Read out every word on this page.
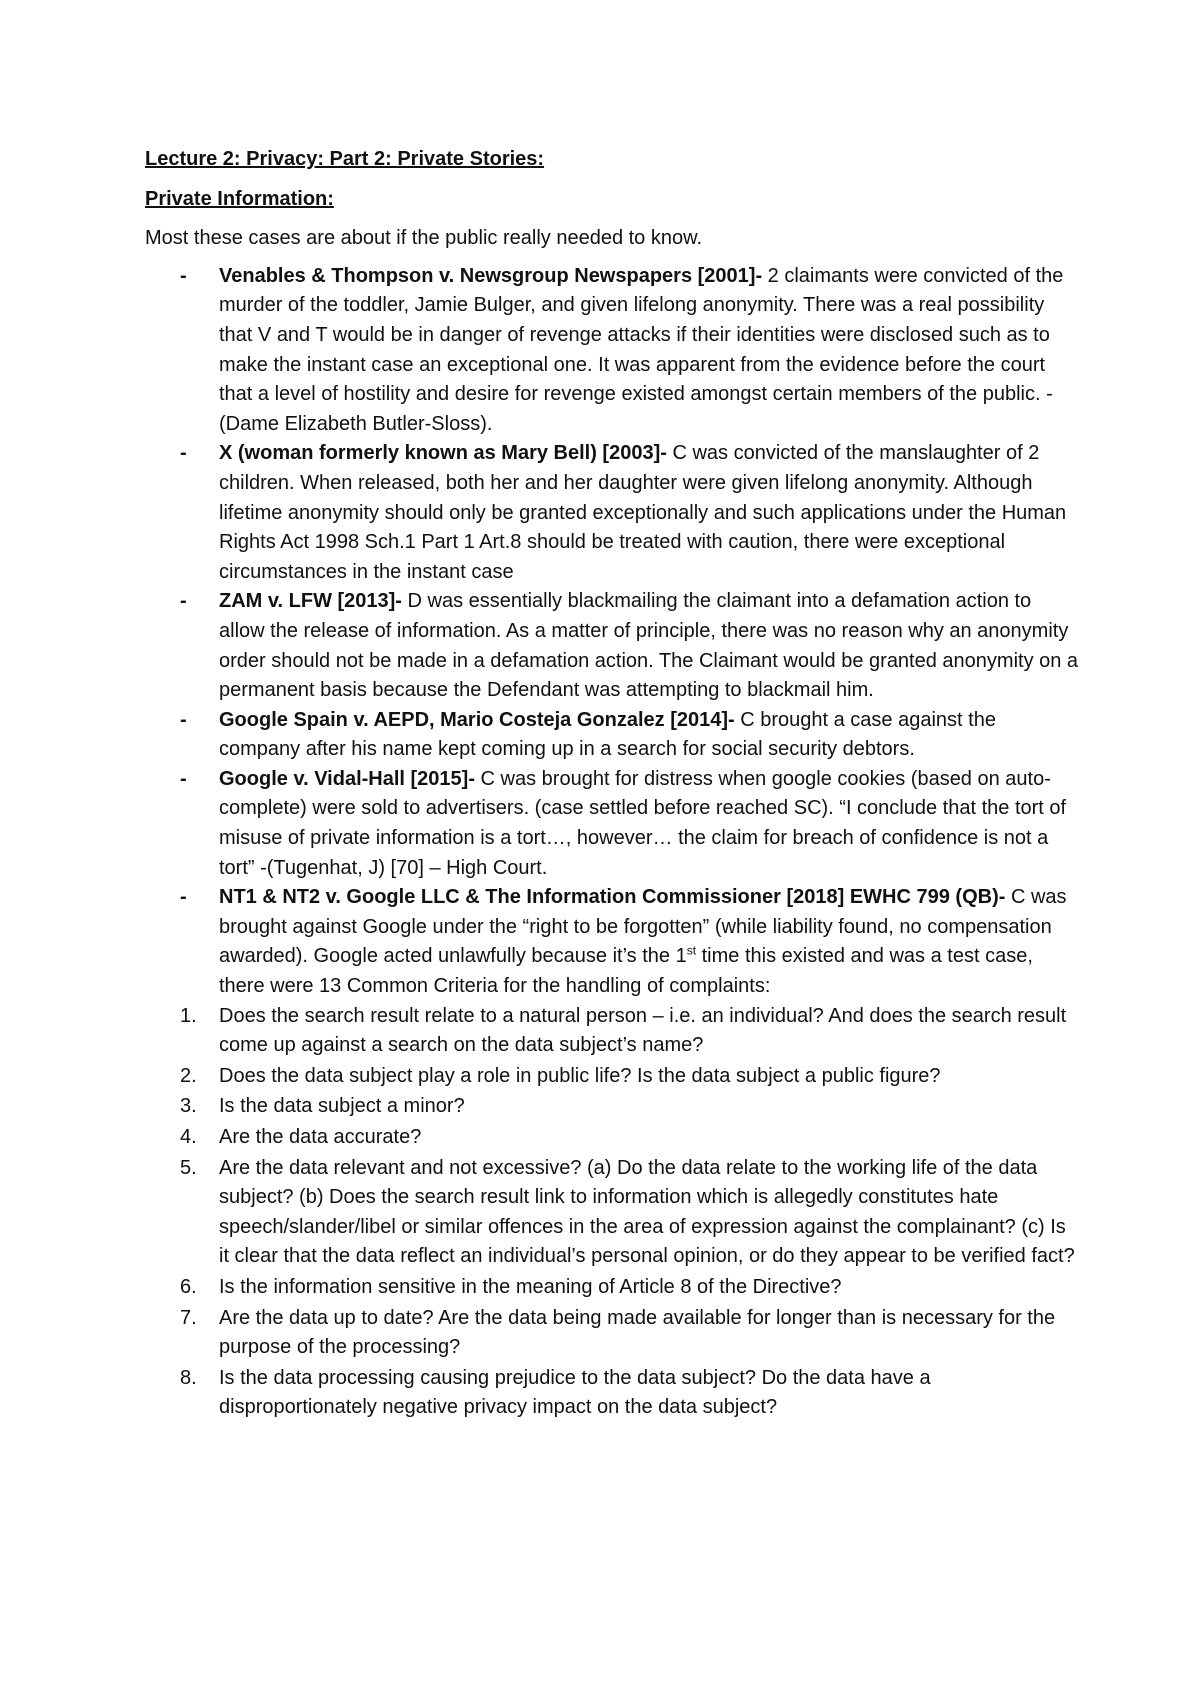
Lecture 2: Privacy: Part 2: Private Stories:

Private Information:

Most these cases are about if the public really needed to know.

- Venables & Thompson v. Newsgroup Newspapers [2001]- 2 claimants were convicted of the murder of the toddler, Jamie Bulger, and given lifelong anonymity. There was a real possibility that V and T would be in danger of revenge attacks if their identities were disclosed such as to make the instant case an exceptional one. It was apparent from the evidence before the court that a level of hostility and desire for revenge existed amongst certain members of the public. - (Dame Elizabeth Butler-Sloss).
- X (woman formerly known as Mary Bell) [2003]- C was convicted of the manslaughter of 2 children. When released, both her and her daughter were given lifelong anonymity. Although lifetime anonymity should only be granted exceptionally and such applications under the Human Rights Act 1998 Sch.1 Part 1 Art.8 should be treated with caution, there were exceptional circumstances in the instant case
- ZAM v. LFW [2013]- D was essentially blackmailing the claimant into a defamation action to allow the release of information. As a matter of principle, there was no reason why an anonymity order should not be made in a defamation action. The Claimant would be granted anonymity on a permanent basis because the Defendant was attempting to blackmail him.
- Google Spain v. AEPD, Mario Costeja Gonzalez [2014]- C brought a case against the company after his name kept coming up in a search for social security debtors.
- Google v. Vidal-Hall [2015]- C was brought for distress when google cookies (based on auto-complete) were sold to advertisers. (case settled before reached SC). “I conclude that the tort of misuse of private information is a tort…, however… the claim for breach of confidence is not a tort” -(Tugenhat, J) [70] – High Court.
- NT1 & NT2 v. Google LLC & The Information Commissioner [2018] EWHC 799 (QB)- C was brought against Google under the “right to be forgotten” (while liability found, no compensation awarded). Google acted unlawfully because it’s the 1st time this existed and was a test case, there were 13 Common Criteria for the handling of complaints:
1. Does the search result relate to a natural person – i.e. an individual? And does the search result come up against a search on the data subject’s name?
2. Does the data subject play a role in public life? Is the data subject a public figure?
3. Is the data subject a minor?
4. Are the data accurate?
5. Are the data relevant and not excessive? (a) Do the data relate to the working life of the data subject? (b) Does the search result link to information which is allegedly constitutes hate speech/slander/libel or similar offences in the area of expression against the complainant? (c) Is it clear that the data reflect an individual’s personal opinion, or do they appear to be verified fact?
6. Is the information sensitive in the meaning of Article 8 of the Directive?
7. Are the data up to date? Are the data being made available for longer than is necessary for the purpose of the processing?
8. Is the data processing causing prejudice to the data subject? Do the data have a disproportionately negative privacy impact on the data subject?
